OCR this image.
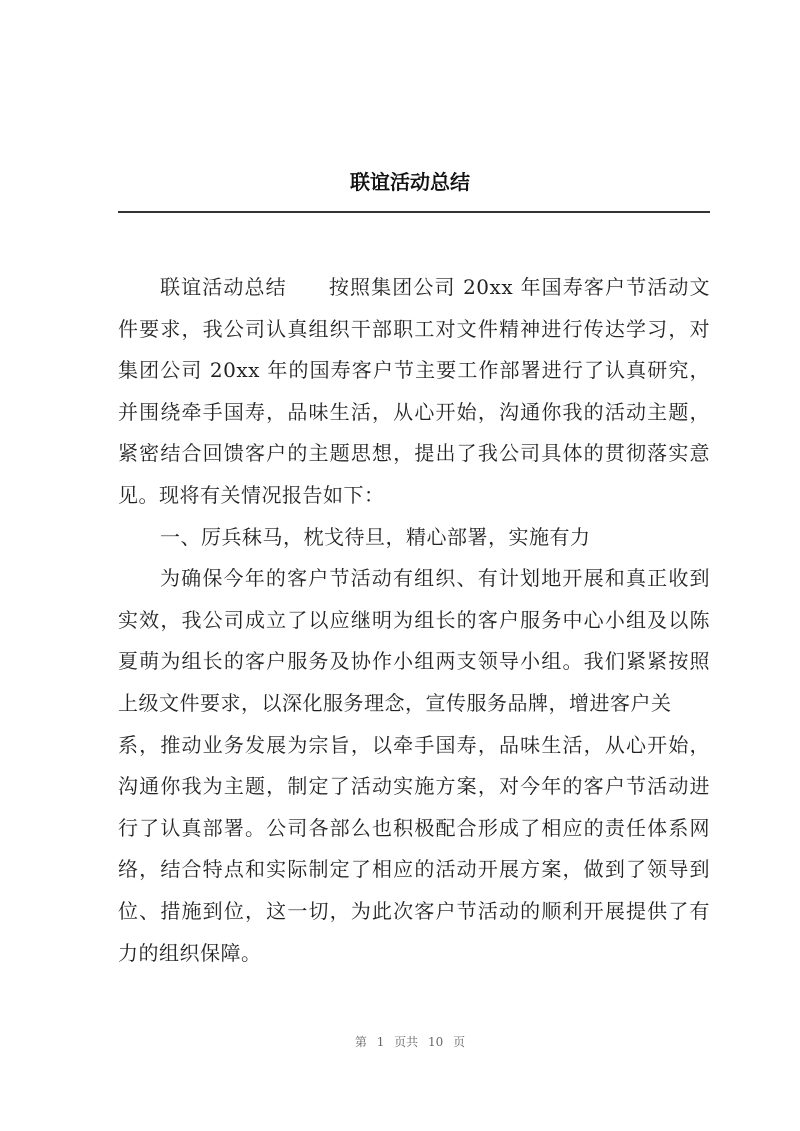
联谊活动总结
联谊活动总结　　按照集团公司 20xx 年国寿客户节活动文
件要求，我公司认真组织干部职工对文件精神进行传达学习，对
集团公司 20xx 年的国寿客户节主要工作部署进行了认真研究，
并围绕牵手国寿，品味生活，从心开始，沟通你我的活动主题，
紧密结合回馈客户的主题思想，提出了我公司具体的贯彻落实意
见。现将有关情况报告如下：
一、厉兵秣马，枕戈待旦，精心部署，实施有力
为确保今年的客户节活动有组织、有计划地开展和真正收到
实效，我公司成立了以应继明为组长的客户服务中心小组及以陈
夏萌为组长的客户服务及协作小组两支领导小组。我们紧紧按照
上级文件要求，以深化服务理念，宣传服务品牌，增进客户关
系，推动业务发展为宗旨，以牵手国寿，品味生活，从心开始，
沟通你我为主题，制定了活动实施方案，对今年的客户节活动进
行了认真部署。公司各部么也积极配合形成了相应的责任体系网
络，结合特点和实际制定了相应的活动开展方案，做到了领导到
位、措施到位，这一切，为此次客户节活动的顺利开展提供了有
力的组织保障。
第 1 页共 10 页
